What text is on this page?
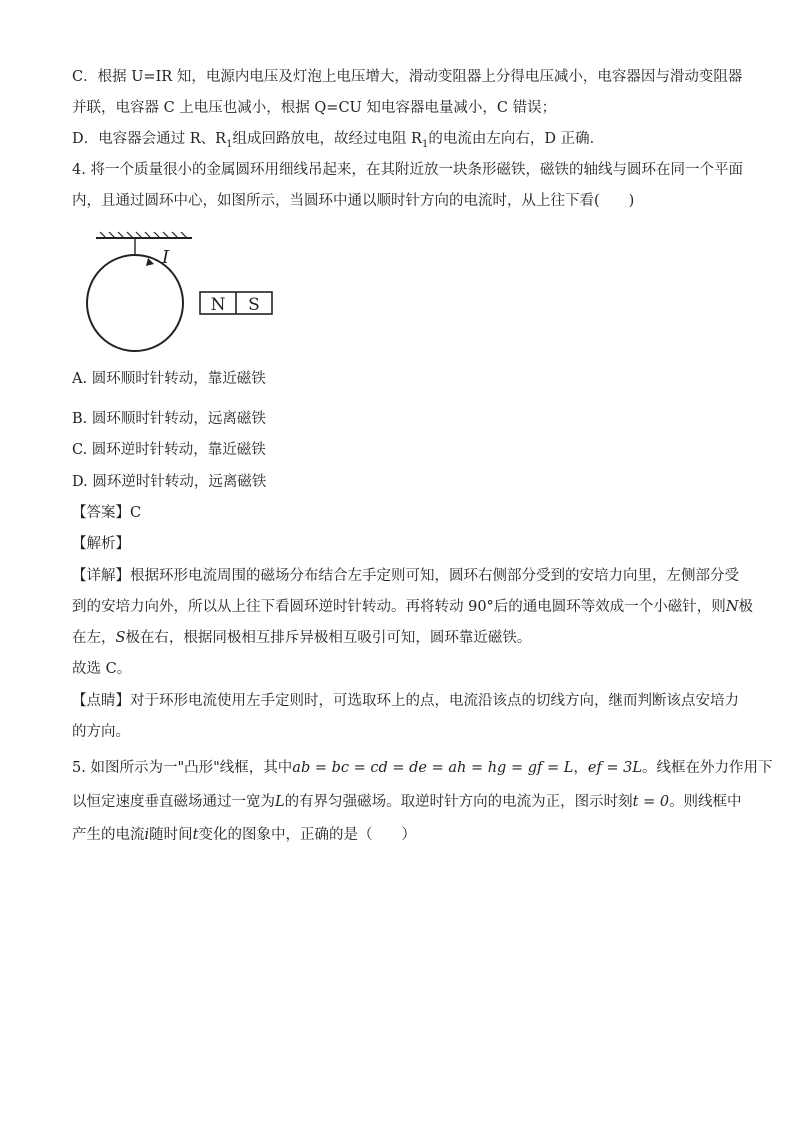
C．根据 U=IR 知，电源内电压及灯泡上电压增大，滑动变阻器上分得电压减小，电容器因与滑动变阻器
并联，电容器 C 上电压也减小，根据 Q=CU 知电容器电量减小，C 错误；
D．电容器会通过 R、$R_1$组成回路放电，故经过电阻 $R_1$的电流由左向右，D 正确．
4. 将一个质量很小的金属圆环用细线吊起来，在其附近放一块条形磁铁，磁铁的轴线与圆环在同一个平面
内，且通过圆环中心，如图所示，当圆环中通以顺时针方向的电流时，从上往下看(　　)
I
N S
A. 圆环顺时针转动，靠近磁铁
B. 圆环顺时针转动，远离磁铁
C. 圆环逆时针转动，靠近磁铁
D. 圆环逆时针转动，远离磁铁
【答案】C
【解析】
【详解】根据环形电流周围的磁场分布结合左手定则可知，圆环右侧部分受到的安培力向里，左侧部分受
到的安培力向外，所以从上往下看圆环逆时针转动。再将转动 90°后的通电圆环等效成一个小磁针，则N极
在左，S极在右，根据同极相互排斥异极相互吸引可知，圆环靠近磁铁。
故选 C。
【点睛】对于环形电流使用左手定则时，可选取环上的点，电流沿该点的切线方向，继而判断该点安培力
的方向。
5. 如图所示为一"凸形"线框，其中ab = bc = cd = de = ah = hg = gf = L，ef = 3L。线框在外力作用下
以恒定速度垂直磁场通过一宽为L的有界匀强磁场。取逆时针方向的电流为正，图示时刻t = 0。则线框中
产生的电流i随时间t变化的图象中，正确的是（　　）
